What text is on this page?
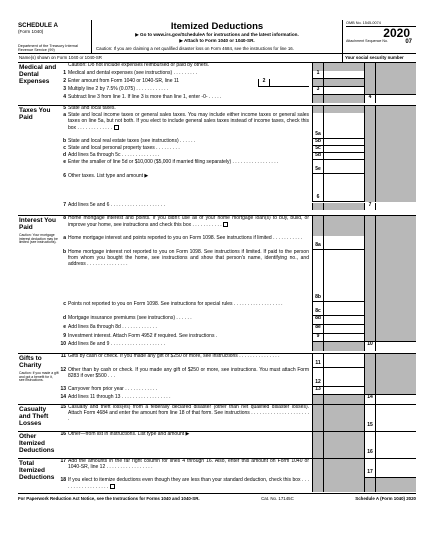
SCHEDULE A
(Form 1040)
Department of the Treasury Internal Revenue Service (99)
Itemized Deductions
▶ Go to www.irs.gov/ScheduleA for instructions and the latest information.
▶ Attach to Form 1040 or 1040-SR.
Caution: If you are claiming a net qualified disaster loss on Form 4684, see the instructions for line 16.
OMB No. 1545-0074
2020
Attachment Sequence No.	07
Name(s) shown on Form 1040 or 1040-SR	Your social security number
Medical and Dental Expenses
Caution: Do not include expenses reimbursed or paid by others.
1 Medical and dental expenses (see instructions) . . . . . . . . .	1
2 Enter amount from Form 1040 or 1040-SR, line 11	2
3 Multiply line 2 by 7.5% (0.075) . . . . . . . . . . . .	3
4 Subtract line 3 from line 1. If line 3 is more than line 1, enter -0- . . . . .	4
Taxes You Paid
5 State and local taxes.
a State and local income taxes or general sales taxes. You may include either income taxes or general sales taxes on line 5a, but not both. If you elect to include general sales taxes instead of income taxes, check this box . . . . . . . . . . . . .
5a
b State and local real estate taxes (see instructions) . . . . . .	5b
c State and local personal property taxes . . . . . . . . .	5c
d Add lines 5a through 5c . . . . . . . . . . . . . .	5d
e Enter the smaller of line 5d or $10,000 ($5,000 if married filing separately) . . . . . . . . . . . . . . . . .
5e
6 Other taxes. List type and amount ▶
6
7 Add lines 5e and 6 . . . . . . . . . . . . . . . . . . . .	7
Interest You Paid
Caution: Your mortgage interest deduction may be limited (see instructions).
8 Home mortgage interest and points. If you didn't use all of your home mortgage loan(s) to buy, build, or improve your home, see instructions and check this box . . . . . . . . . . .
a Home mortgage interest and points reported to you on Form 1098. See instructions if limited . . . . . . . . . . .
8a
b Home mortgage interest not reported to you on Form 1098. See instructions if limited. If paid to the person from whom you bought the home, see instructions and show that person's name, identifying no., and address . . . . . . . . . . . . . . .
8b
c Points not reported to you on Form 1098. See instructions for special rules . . . . . . . . . . . . . . . . . .
8c
d Mortgage insurance premiums (see instructions) . . . . . .	8d
e Add lines 8a through 8d . . . . . . . . . . . . .	8e
9 Investment interest. Attach Form 4952 if required. See instructions .	9
10 Add lines 8e and 9 . . . . . . . . . . . . . . . . . . . .	10
Gifts to Charity
Caution: If you made a gift and got a benefit for it, see instructions.
11 Gifts by cash or check. If you made any gift of $250 or more, see instructions . . . . . . . . . . . . . . .
11
12 Other than by cash or check. If you made any gift of $250 or more, see instructions. You must attach Form 8283 if over $500 . . .
12
13 Carryover from prior year . . . . . . . . . . . .	13
14 Add lines 11 through 13 . . . . . . . . . . . . . . . . . .	14
Casualty and Theft Losses
15 Casualty and theft loss(es) from a federally declared disaster (other than net qualified disaster losses). Attach Form 4684 and enter the amount from line 18 of that form. See instructions . . . . . . . . . . . . . . . . . . . . . .
15
Other Itemized Deductions
16 Other—from list in instructions. List type and amount ▶
16
Total Itemized Deductions
17 Add the amounts in the far right column for lines 4 through 16. Also, enter this amount on Form 1040 or 1040-SR, line 12 . . . . . . . . . . . . . . . . .
17
18 If you elect to itemize deductions even though they are less than your standard deduction, check this box . . . . . . . . . . . . . . . . . .
For Paperwork Reduction Act Notice, see the Instructions for Forms 1040 and 1040-SR.	Cat. No. 17145C	Schedule A (Form 1040) 2020
